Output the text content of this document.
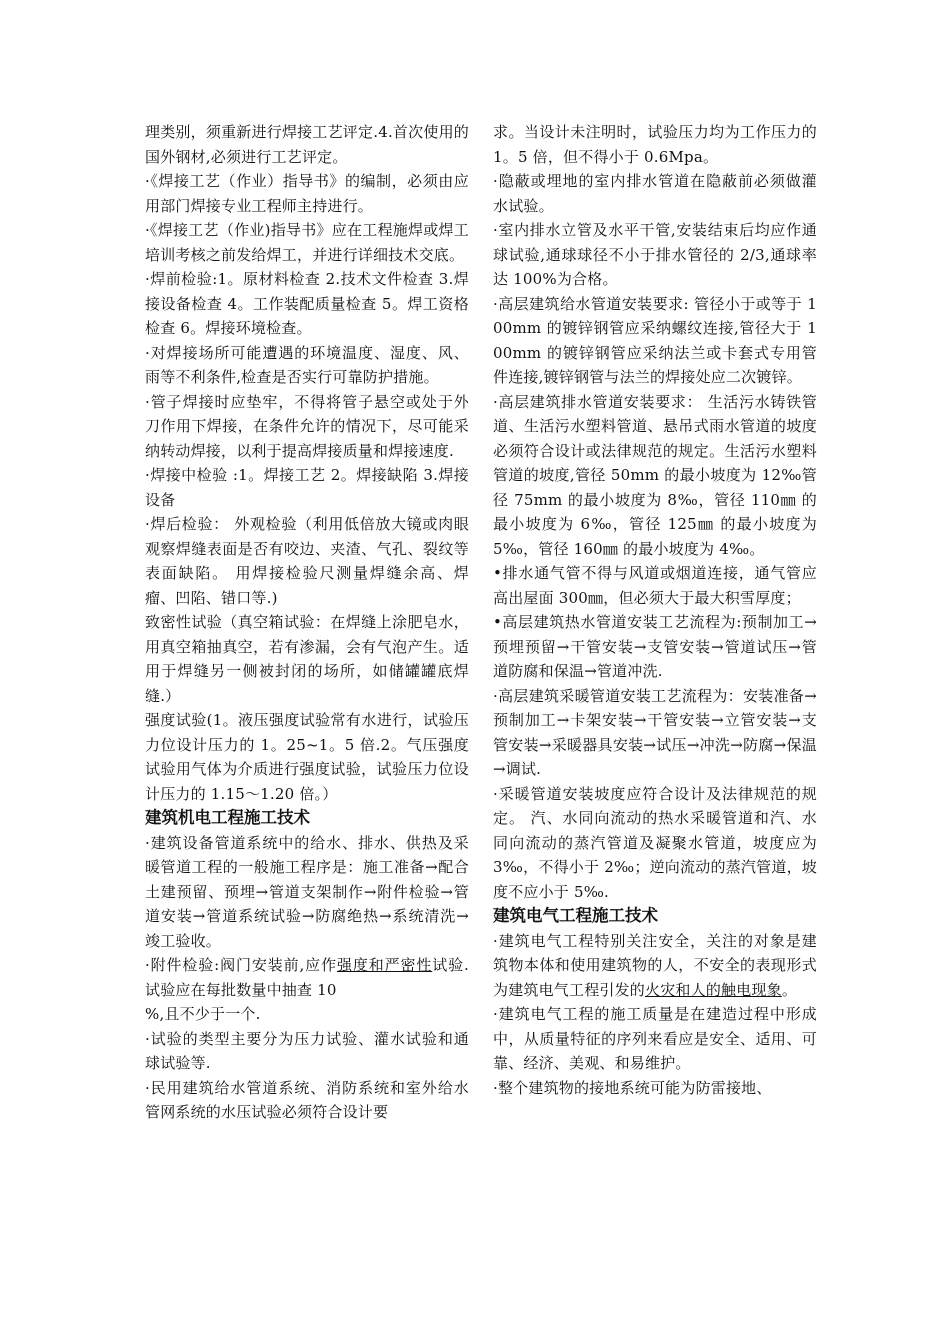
理类别，须重新进行焊接工艺评定.4.首次使用的国外钢材,必须进行工艺评定。

·《焊接工艺（作业）指导书》的编制，必须由应用部门焊接专业工程师主持进行。

·《焊接工艺（作业)指导书》应在工程施焊或焊工培训考核之前发给焊工，并进行详细技术交底。

·焊前检验:1。原材料检查 2.技术文件检查 3.焊接设备检查 4。工作装配质量检查 5。焊工资格检查 6。焊接环境检查。

·对焊接场所可能遭遇的环境温度、湿度、风、雨等不利条件,检查是否实行可靠防护措施。

·管子焊接时应垫牢，不得将管子悬空或处于外刀作用下焊接，在条件允许的情况下，尽可能采纳转动焊接，以利于提高焊接质量和焊接速度.

·焊接中检验 :1。焊接工艺 2。焊接缺陷 3.焊接设备

·焊后检验： 外观检验（利用低倍放大镜或肉眼观察焊缝表面是否有咬边、夹渣、气孔、裂纹等表面缺陷。 用焊接检验尺测量焊缝余高、焊瘤、凹陷、错口等.)

致密性试验（真空箱试验：在焊缝上涂肥皂水，用真空箱抽真空，若有渗漏，会有气泡产生。适用于焊缝另一侧被封闭的场所，如储罐罐底焊缝.）

强度试验(1。液压强度试验常有水进行，试验压力位设计压力的 1。25~1。5 倍.2。气压强度试验用气体为介质进行强度试验，试验压力位设计压力的 1.15～1.20 倍。）

建筑机电工程施工技术

·建筑设备管道系统中的给水、排水、供热及采暖管道工程的一般施工程序是：施工准备→配合土建预留、预埋→管道支架制作→附件检验→管道安装→管道系统试验→防腐绝热→系统清洗→竣工验收。

·附件检验:阀门安装前,应作强度和严密性试验.试验应在每批数量中抽查 10

%,且不少于一个.

·试验的类型主要分为压力试验、灌水试验和通球试验等.

·民用建筑给水管道系统、消防系统和室外给水管网系统的水压试验必须符合设计要

求。当设计未注明时，试验压力均为工作压力的 1。5 倍，但不得小于 0.6Mpa。

·隐蔽或埋地的室内排水管道在隐蔽前必须做灌水试验。

·室内排水立管及水平干管,安装结束后均应作通球试验,通球球径不小于排水管径的 2/3,通球率达 100%为合格。

·高层建筑给水管道安装要求: 管径小于或等于 100mm 的镀锌钢管应采纳螺纹连接,管径大于 100mm 的镀锌钢管应采纳法兰或卡套式专用管件连接,镀锌钢管与法兰的焊接处应二次镀锌。

·高层建筑排水管道安装要求： 生活污水铸铁管道、生活污水塑料管道、悬吊式雨水管道的坡度必须符合设计或法律规范的规定。生活污水塑料管道的坡度,管径 50mm 的最小坡度为 12‰管径 75mm 的最小坡度为 8‰，管径 110㎜ 的最小坡度为 6‰，管径 125㎜ 的最小坡度为 5‰，管径 160㎜ 的最小坡度为 4‰。

•排水通气管不得与风道或烟道连接，通气管应高出屋面 300㎜，但必须大于最大积雪厚度；

•高层建筑热水管道安装工艺流程为:预制加工→预埋预留→干管安装→支管安装→管道试压→管道防腐和保温→管道冲洗.

·高层建筑采暖管道安装工艺流程为：安装准备→预制加工→卡架安装→干管安装→立管安装→支管安装→采暖器具安装→试压→冲洗→防腐→保温→调试.

·采暖管道安装坡度应符合设计及法律规范的规定。 汽、水同向流动的热水采暖管道和汽、水同向流动的蒸汽管道及凝聚水管道，坡度应为 3‰，不得小于 2‰；逆向流动的蒸汽管道，坡度不应小于 5‰.

建筑电气工程施工技术

·建筑电气工程特别关注安全，关注的对象是建筑物本体和使用建筑物的人，不安全的表现形式为建筑电气工程引发的火灾和人的触电现象。

·建筑电气工程的施工质量是在建造过程中形成中，从质量特征的序列来看应是安全、适用、可靠、经济、美观、和易维护。

·整个建筑物的接地系统可能为防雷接地、
